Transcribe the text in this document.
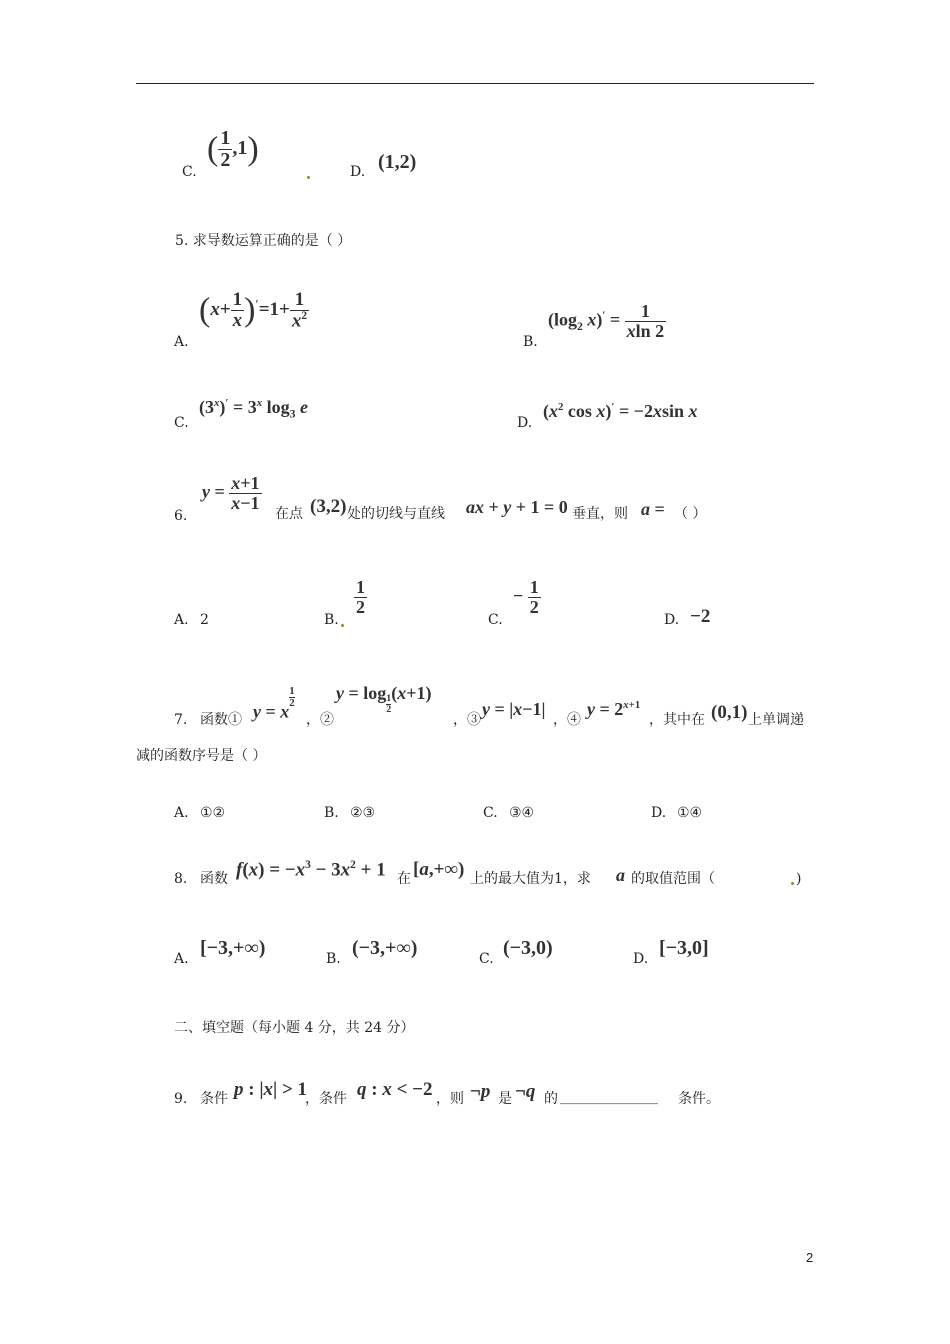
C.
( $\frac{1}{2} ,1$)
D. (1,2)
5. 求导数运算正确的是（ ）
A.
$(x+ \frac{1}{x} )'=1+ \frac{1}{x^2}$
B.
($\log_2$ $x)' = \frac{1}{xln 2}$
C.
$(3^x)' = 3^x$ $\log_3 e$
D.
($x^2$ cos x)′ = −2xsin x
6.
$y = \frac{x+1}{x-1}$
在点 (3,2) 处的切线与直线 ax + y + 1 = 0 垂直，则 a = （ ）
A. 2	B.
$\frac{1}{2}$
C.
− $\frac{1}{2}$
D. −2
7. 函数① y = x
$\frac{1}{2}$
，②
y = log
$\frac{1}{2}$
(x+1)
，③
y = |x−1|
，④
$y = 2^{x+1}$
，其中在 (0,1) 上单调递
减的函数序号是（ ）
A. ①②	B. ②③	C. ③④	D. ①④
8. 函数 $f(x) = -x^3 - 3x^2 + 1$ 在 [a,+∞) 上的最大值为1，求 a 的取值范围（	)
A. [−3,+∞)	B. (−3,+∞)	C. (−3,0)	D. [−3,0]
二、填空题（每小题 4 分，共 24 分）
9. 条件 p : |x| > 1
，条件 q : x < −2 ，则 ¬p 是 ¬q 的 ______________ 条件。
2
